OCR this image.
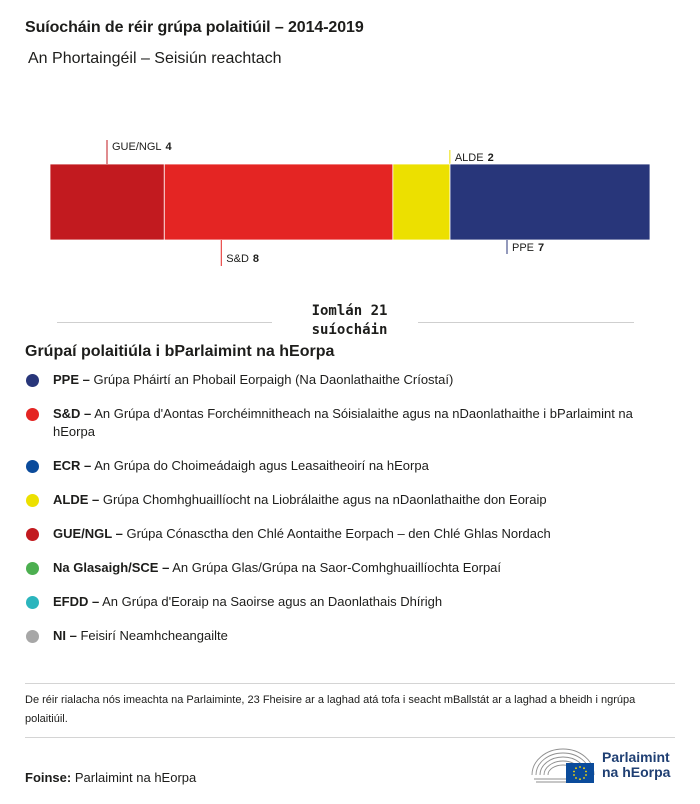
Suíocháin de réir grúpa polaitiúil – 2014-2019
An Phortaingéil – Seisiún reachtach
GUE/NGL 4
S&D 8
ALDE 2
PPE 7
Iomlán 21 suíocháin
Grúpaí polaitiúla i bParlaimint na hEorpa
PPE – Grúpa Pháirtí an Phobail Eorpaigh (Na Daonlathaithe Críostaí)
S&D – An Grúpa d'Aontas Forchéimnitheach na Sóisialaithe agus na nDaonlathaithe i bParlaimint na hEorpa
ECR – An Grúpa do Choimeádaigh agus Leasaitheoirí na hEorpa
ALDE – Grúpa Chomhghuaillíocht na Liobrálaithe agus na nDaonlathaithe don Eoraip
GUE/NGL – Grúpa Cónasctha den Chlé Aontaithe Eorpach – den Chlé Ghlas Nordach
Na Glasaigh/SCE – An Grúpa Glas/Grúpa na Saor-Comhghuaillíochta Eorpaí
EFDD – An Grúpa d'Eoraip na Saoirse agus an Daonlathais Dhírigh
NI – Feisirí Neamhcheangailte
De réir rialacha nós imeachta na Parlaiminte, 23 Fheisire ar a laghad atá tofa i seacht mBallstát ar a laghad a bheidh i ngrúpa polaitiúil.
Foinse: Parlaimint na hEorpa
Parlaimint
na hEorpa
